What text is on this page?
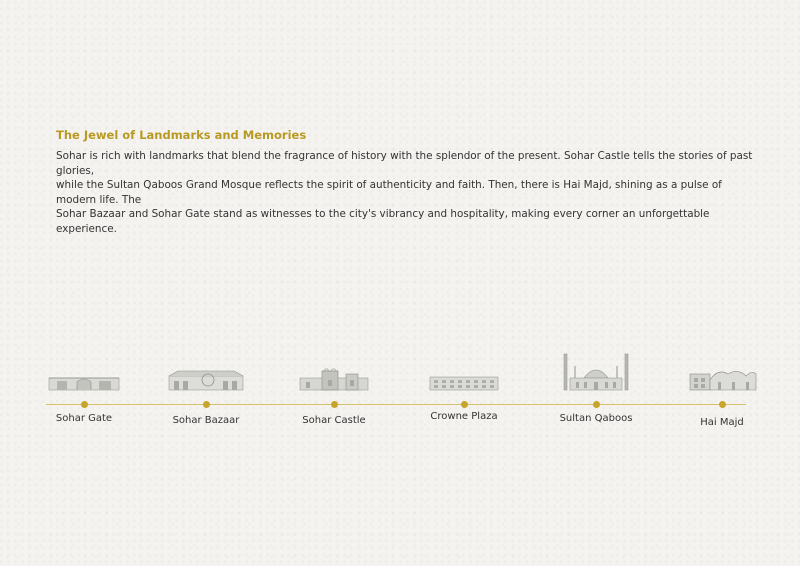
The Jewel of Landmarks and Memories

Sohar is rich with landmarks that blend the fragrance of history with the splendor of the present. Sohar Castle tells the stories of past glories,
while the Sultan Qaboos Grand Mosque reflects the spirit of authenticity and faith. Then, there is Hai Majd, shining as a pulse of modern life. The
Sohar Bazaar and Sohar Gate stand as witnesses to the city's vibrancy and hospitality, making every corner an unforgettable experience.

Sohar Gate	Sohar Bazaar	Sohar Castle	Crowne Plaza	Sultan Qaboos	Hai Majd
